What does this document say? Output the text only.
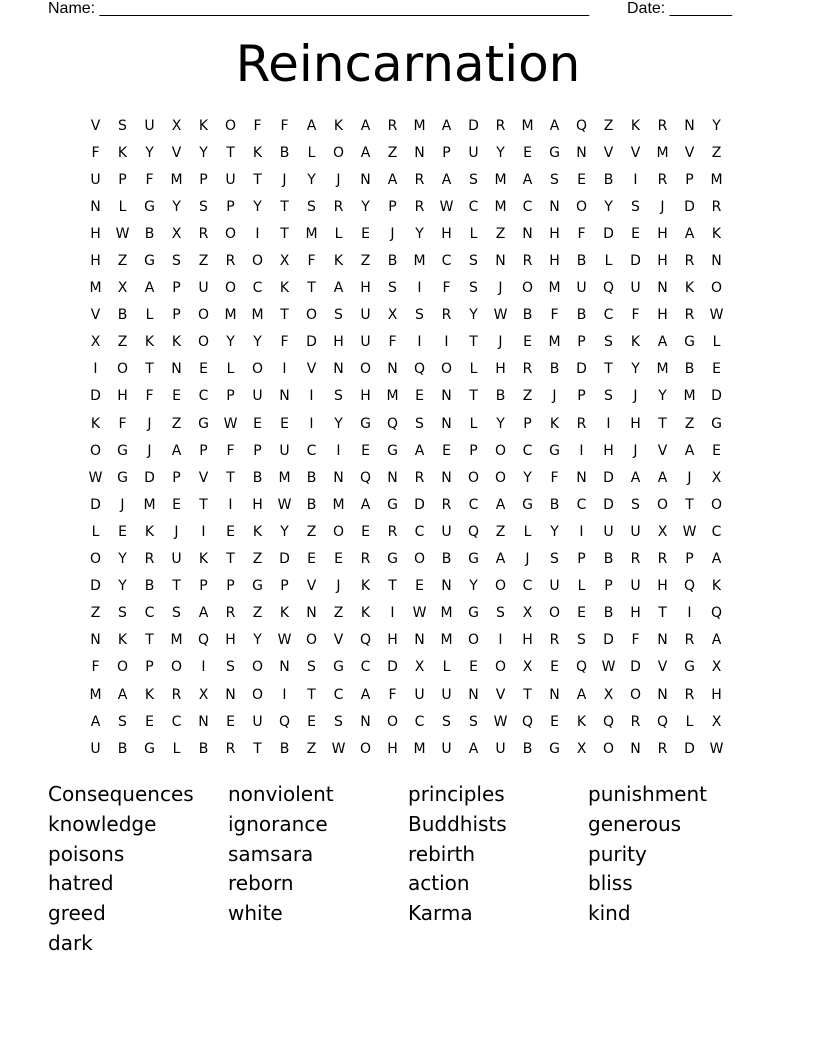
Name: _______________________________________________________ Date: _______
Reincarnation
V	S	U	X	K	O	F	F	A	K	A	R	M	A	D	R	M	A	Q	Z	K	R	N	Y
F	K	Y	V	Y	T	K	B	L	O	A	Z	N	P	U	Y	E	G	N	V	V	M	V	Z
U	P	F	M	P	U	T	J	Y	J	N	A	R	A	S	M	A	S	E	B	I	R	P	M
N	L	G	Y	S	P	Y	T	S	R	Y	P	R	W	C	M	C	N	O	Y	S	J	D	R
H	W	B	X	R	O	I	T	M	L	E	J	Y	H	L	Z	N	H	F	D	E	H	A	K
H	Z	G	S	Z	R	O	X	F	K	Z	B	M	C	S	N	R	H	B	L	D	H	R	N
M	X	A	P	U	O	C	K	T	A	H	S	I	F	S	J	O	M	U	Q	U	N	K	O
V	B	L	P	O	M	M	T	O	S	U	X	S	R	Y	W	B	F	B	C	F	H	R	W
X	Z	K	K	O	Y	Y	F	D	H	U	F	I	I	T	J	E	M	P	S	K	A	G	L
I	O	T	N	E	L	O	I	V	N	O	N	Q	O	L	H	R	B	D	T	Y	M	B	E
D	H	F	E	C	P	U	N	I	S	H	M	E	N	T	B	Z	J	P	S	J	Y	M	D
K	F	J	Z	G	W	E	E	I	Y	G	Q	S	N	L	Y	P	K	R	I	H	T	Z	G
O	G	J	A	P	F	P	U	C	I	E	G	A	E	P	O	C	G	I	H	J	V	A	E
W	G	D	P	V	T	B	M	B	N	Q	N	R	N	O	O	Y	F	N	D	A	A	J	X
D	J	M	E	T	I	H	W	B	M	A	G	D	R	C	A	G	B	C	D	S	O	T	O
L	E	K	J	I	E	K	Y	Z	O	E	R	C	U	Q	Z	L	Y	I	U	U	X	W	C
O	Y	R	U	K	T	Z	D	E	E	R	G	O	B	G	A	J	S	P	B	R	R	P	A
D	Y	B	T	P	P	G	P	V	J	K	T	E	N	Y	O	C	U	L	P	U	H	Q	K
Z	S	C	S	A	R	Z	K	N	Z	K	I	W	M	G	S	X	O	E	B	H	T	I	Q
N	K	T	M	Q	H	Y	W	O	V	Q	H	N	M	O	I	H	R	S	D	F	N	R	A
F	O	P	O	I	S	O	N	S	G	C	D	X	L	E	O	X	E	Q	W	D	V	G	X
M	A	K	R	X	N	O	I	T	C	A	F	U	U	N	V	T	N	A	X	O	N	R	H
A	S	E	C	N	E	U	Q	E	S	N	O	C	S	S	W	Q	E	K	Q	R	Q	L	X
U	B	G	L	B	R	T	B	Z	W	O	H	M	U	A	U	B	G	X	O	N	R	D	W
Consequences
knowledge
poisons
hatred
greed
dark
nonviolent
ignorance
samsara
reborn
white
principles
Buddhists
rebirth
action
Karma
punishment
generous
purity
bliss
kind
